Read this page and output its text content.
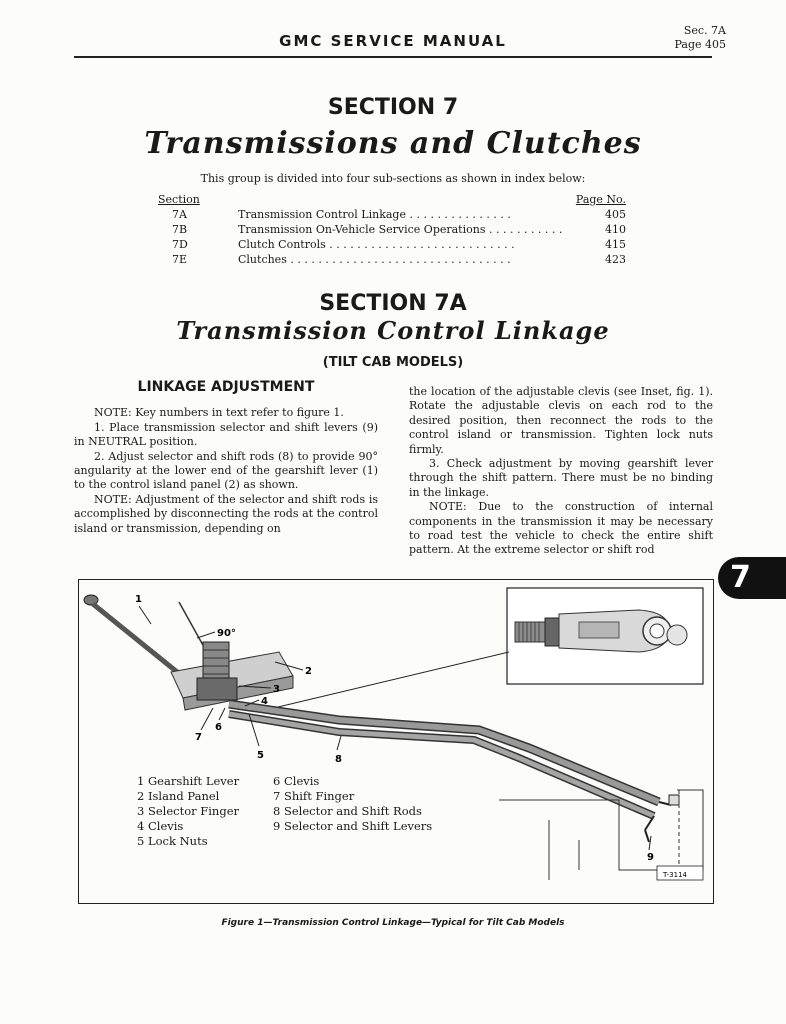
GMC SERVICE MANUAL
Sec. 7A
Page 405
SECTION 7
Transmissions and Clutches
This group is divided into four sub-sections as shown in index below:
Section		Page No.
7A	Transmission Control Linkage . . . . . . . . . . . . . . .	405
7B	Transmission On-Vehicle Service Operations . . . . . . . . . . .	410
7D	Clutch Controls . . . . . . . . . . . . . . . . . . . . . . . . . . .	415
7E	Clutches . . . . . . . . . . . . . . . . . . . . . . . . . . . . . . . .	423
SECTION 7A
Transmission Control Linkage
(TILT CAB MODELS)

LINKAGE ADJUSTMENT

NOTE: Key numbers in text refer to figure 1.

1. Place transmission selector and shift levers (9) in NEUTRAL position.

2. Adjust selector and shift rods (8) to provide 90° angularity at the lower end of the gearshift lever (1) to the control island panel (2) as shown.

NOTE: Adjustment of the selector and shift rods is accomplished by disconnecting the rods at the control island or transmission, depending on

the location of the adjustable clevis (see Inset, fig. 1). Rotate the adjustable clevis on each rod to the desired position, then reconnect the rods to the control island or transmission. Tighten lock nuts firmly.

3. Check adjustment by moving gearshift lever through the shift pattern. There must be no binding in the linkage.

NOTE: Due to the construction of internal components in the transmission it may be necessary to road test the vehicle to check the entire shift pattern. At the extreme selector or shift rod

7
90°
1
2
3
4
5
6
7
8
9
T-3114
1 Gearshift Lever
2 Island Panel
3 Selector Finger
4 Clevis
5 Lock Nuts
6 Clevis
7 Shift Finger
8 Selector and Shift Rods
9 Selector and Shift Levers
Figure 1—Transmission Control Linkage—Typical for Tilt Cab Models
